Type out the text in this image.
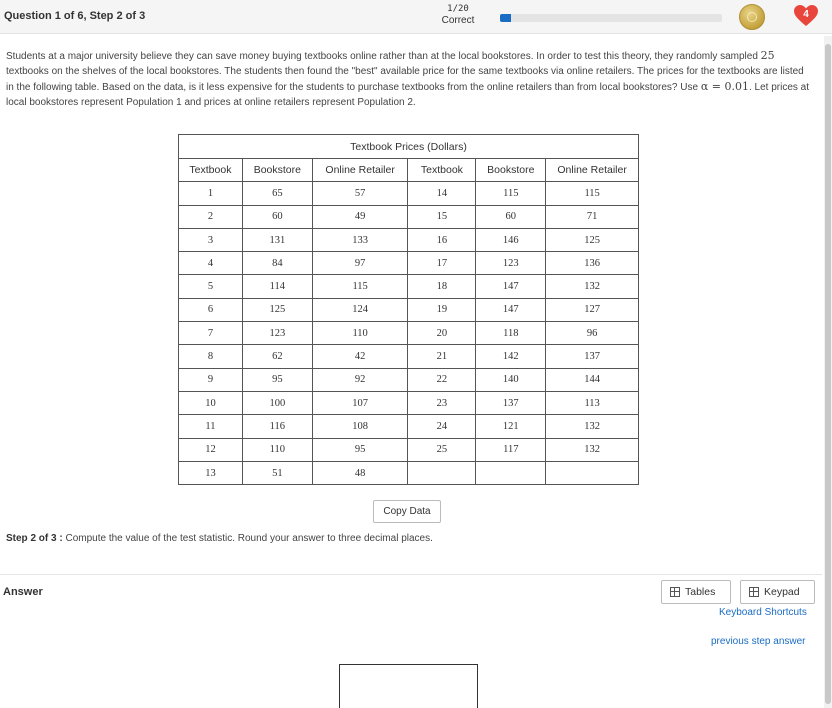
Question 1 of 6, Step 2 of 3
1/20
Correct
4
Students at a major university believe they can save money buying textbooks online rather than at the local bookstores. In order to test this theory, they randomly sampled 25 textbooks on the shelves of the local bookstores. The students then found the "best" available price for the same textbooks via online retailers. The prices for the textbooks are listed in the following table. Based on the data, is it less expensive for the students to purchase textbooks from the online retailers than from local bookstores? Use α = 0.01. Let prices at local bookstores represent Population 1 and prices at online retailers represent Population 2.
Textbook Prices (Dollars)
Textbook	Bookstore	Online Retailer	Textbook	Bookstore	Online Retailer
1	65	57	14	115	115
2	60	49	15	60	71
3	131	133	16	146	125
4	84	97	17	123	136
5	114	115	18	147	132
6	125	124	19	147	127
7	123	110	20	118	96
8	62	42	21	142	137
9	95	92	22	140	144
10	100	107	23	137	113
11	116	108	24	121	132
12	110	95	25	117	132
13	51	48			
Copy Data
Step 2 of 3 : Compute the value of the test statistic. Round your answer to three decimal places.
Answer	Tables	Keypad
Keyboard Shortcuts
previous step answer
